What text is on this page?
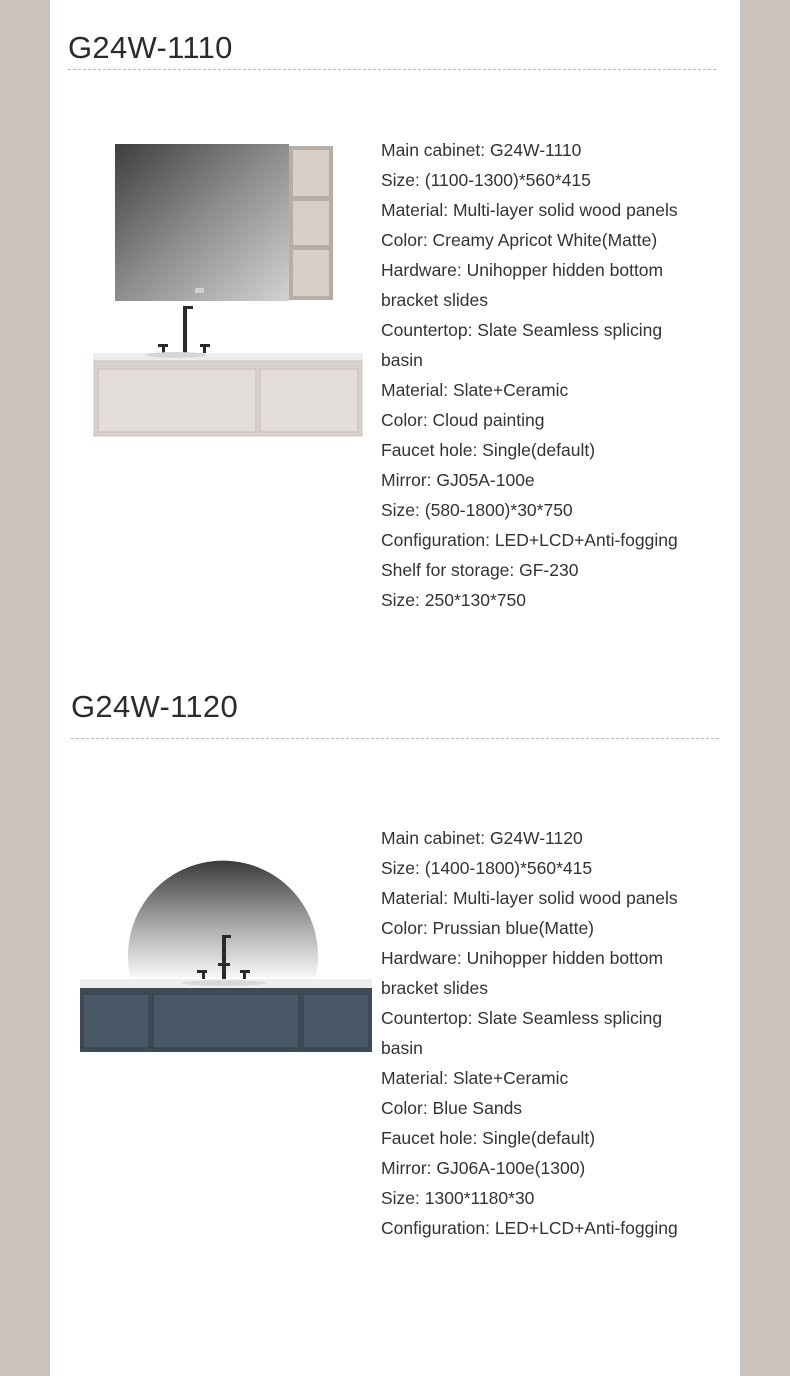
G24W-1110
Main cabinet: G24W-1110
Size: (1100-1300)*560*415
Material: Multi-layer solid wood panels
Color: Creamy Apricot White(Matte)
Hardware: Unihopper hidden bottom
bracket slides
Countertop: Slate Seamless splicing
basin
Material: Slate+Ceramic
Color: Cloud painting
Faucet hole: Single(default)
Mirror: GJ05A-100e
Size: (580-1800)*30*750
Configuration: LED+LCD+Anti-fogging
Shelf for storage: GF-230
Size: 250*130*750
G24W-1120
Main cabinet: G24W-1120
Size: (1400-1800)*560*415
Material: Multi-layer solid wood panels
Color: Prussian blue(Matte)
Hardware: Unihopper hidden bottom
bracket slides
Countertop: Slate Seamless splicing
basin
Material: Slate+Ceramic
Color: Blue Sands
Faucet hole: Single(default)
Mirror: GJ06A-100e(1300)
Size: 1300*1180*30
Configuration: LED+LCD+Anti-fogging
